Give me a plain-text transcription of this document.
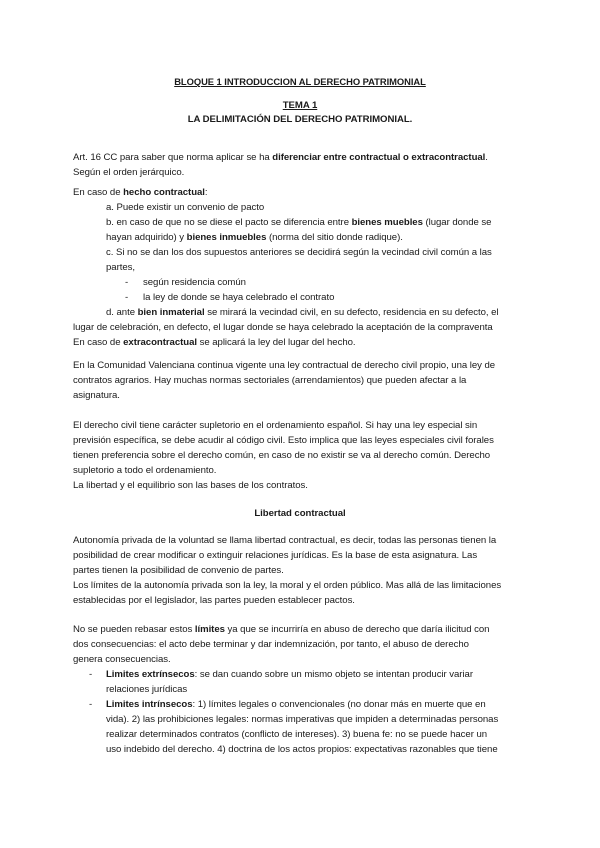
BLOQUE 1 INTRODUCCION AL DERECHO PATRIMONIAL

TEMA 1

LA DELIMITACIÓN DEL DERECHO PATRIMONIAL.

Art. 16 CC para saber que norma aplicar se ha diferenciar entre contractual o extracontractual.

Según el orden jerárquico.

En caso de hecho contractual:

a. Puede existir un convenio de pacto

b. en caso de que no se diese el pacto se diferencia entre bienes muebles (lugar donde se

hayan adquirido) y bienes inmuebles (norma del sitio donde radique).

c. Si no se dan los dos supuestos anteriores se decidirá según la vecindad civil común a las

partes,

- según residencia común

- la ley de donde se haya celebrado el contrato

d. ante bien inmaterial se mirará la vecindad civil, en su defecto, residencia en su defecto, el

lugar de celebración, en defecto, el lugar donde se haya celebrado la aceptación de la compraventa

En caso de extracontractual se aplicará la ley del lugar del hecho.

En la Comunidad Valenciana continua vigente una ley contractual de derecho civil propio, una ley de

contratos agrarios. Hay muchas normas sectoriales (arrendamientos) que pueden afectar a la

asignatura.

El derecho civil tiene carácter supletorio en el ordenamiento español. Si hay una ley especial sin

previsión específica, se debe acudir al código civil. Esto implica que las leyes especiales civil forales

tienen preferencia sobre el derecho común, en caso de no existir se va al derecho común. Derecho

supletorio a todo el ordenamiento.

La libertad y el equilibrio son las bases de los contratos.

Libertad contractual

Autonomía privada de la voluntad se llama libertad contractual, es decir, todas las personas tienen la

posibilidad de crear modificar o extinguir relaciones jurídicas. Es la base de esta asignatura. Las

partes tienen la posibilidad de convenio de partes.

Los límites de la autonomía privada son la ley, la moral y el orden público. Mas allá de las limitaciones

establecidas por el legislador, las partes pueden establecer pactos.

No se pueden rebasar estos límites ya que se incurriría en abuso de derecho que daría ilicitud con

dos consecuencias: el acto debe terminar y dar indemnización, por tanto, el abuso de derecho

genera consecuencias.

- Limites extrínsecos: se dan cuando sobre un mismo objeto se intentan producir variar

relaciones jurídicas

- Limites intrínsecos: 1) límites legales o convencionales (no donar más en muerte que en

vida). 2) las prohibiciones legales: normas imperativas que impiden a determinadas personas

realizar determinados contratos (conflicto de intereses). 3) buena fe: no se puede hacer un

uso indebido del derecho. 4) doctrina de los actos propios: expectativas razonables que tiene
